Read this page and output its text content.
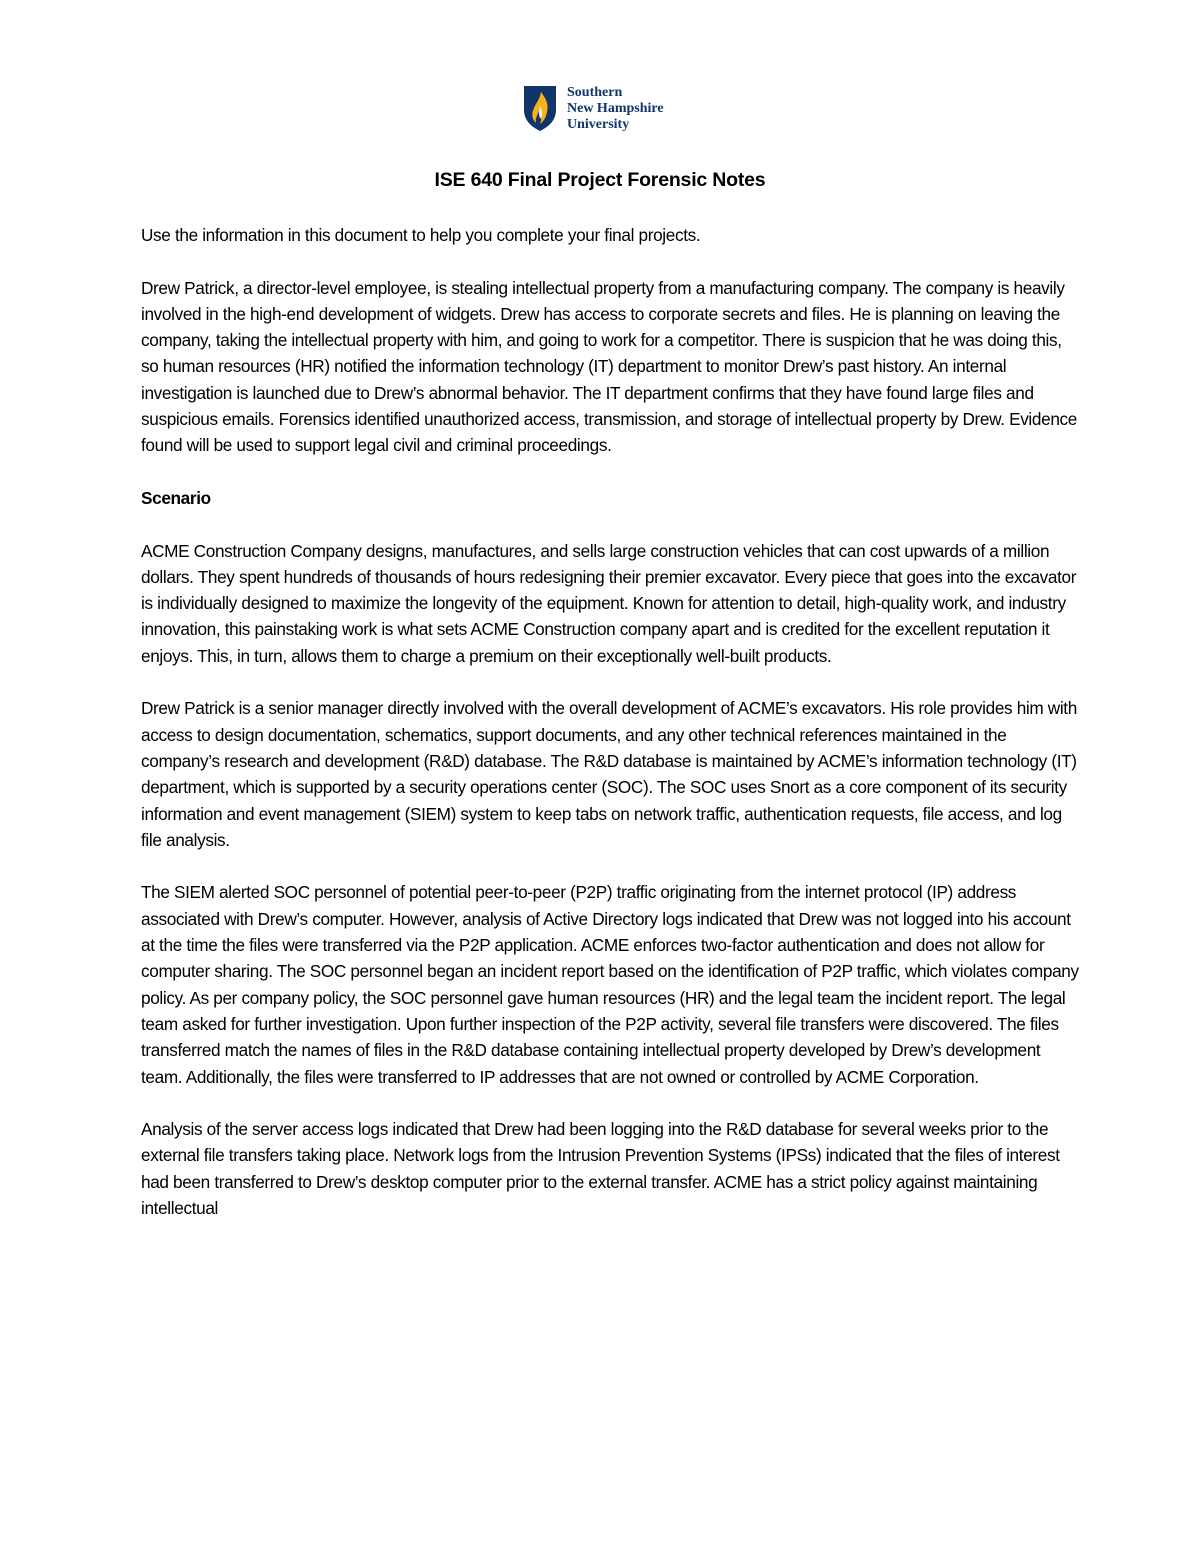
Southern
New Hampshire
University
ISE 640 Final Project Forensic Notes

Use the information in this document to help you complete your final projects.

Drew Patrick, a director-level employee, is stealing intellectual property from a manufacturing company. The company is heavily involved in the high-end development of widgets. Drew has access to corporate secrets and files. He is planning on leaving the company, taking the intellectual property with him, and going to work for a competitor. There is suspicion that he was doing this, so human resources (HR) notified the information technology (IT) department to monitor Drew’s past history. An internal investigation is launched due to Drew’s abnormal behavior. The IT department confirms that they have found large files and suspicious emails. Forensics identified unauthorized access, transmission, and storage of intellectual property by Drew. Evidence found will be used to support legal civil and criminal proceedings.

Scenario

ACME Construction Company designs, manufactures, and sells large construction vehicles that can cost upwards of a million dollars. They spent hundreds of thousands of hours redesigning their premier excavator. Every piece that goes into the excavator is individually designed to maximize the longevity of the equipment. Known for attention to detail, high-quality work, and industry innovation, this painstaking work is what sets ACME Construction company apart and is credited for the excellent reputation it enjoys. This, in turn, allows them to charge a premium on their exceptionally well-built products.

Drew Patrick is a senior manager directly involved with the overall development of ACME’s excavators. His role provides him with access to design documentation, schematics, support documents, and any other technical references maintained in the company’s research and development (R&D) database. The R&D database is maintained by ACME’s information technology (IT) department, which is supported by a security operations center (SOC). The SOC uses Snort as a core component of its security information and event management (SIEM) system to keep tabs on network traffic, authentication requests, file access, and log file analysis.

The SIEM alerted SOC personnel of potential peer-to-peer (P2P) traffic originating from the internet protocol (IP) address associated with Drew’s computer. However, analysis of Active Directory logs indicated that Drew was not logged into his account at the time the files were transferred via the P2P application. ACME enforces two-factor authentication and does not allow for computer sharing. The SOC personnel began an incident report based on the identification of P2P traffic, which violates company policy. As per company policy, the SOC personnel gave human resources (HR) and the legal team the incident report. The legal team asked for further investigation. Upon further inspection of the P2P activity, several file transfers were discovered. The files transferred match the names of files in the R&D database containing intellectual property developed by Drew’s development team. Additionally, the files were transferred to IP addresses that are not owned or controlled by ACME Corporation.

Analysis of the server access logs indicated that Drew had been logging into the R&D database for several weeks prior to the external file transfers taking place. Network logs from the Intrusion Prevention Systems (IPSs) indicated that the files of interest had been transferred to Drew’s desktop computer prior to the external transfer. ACME has a strict policy against maintaining intellectual
